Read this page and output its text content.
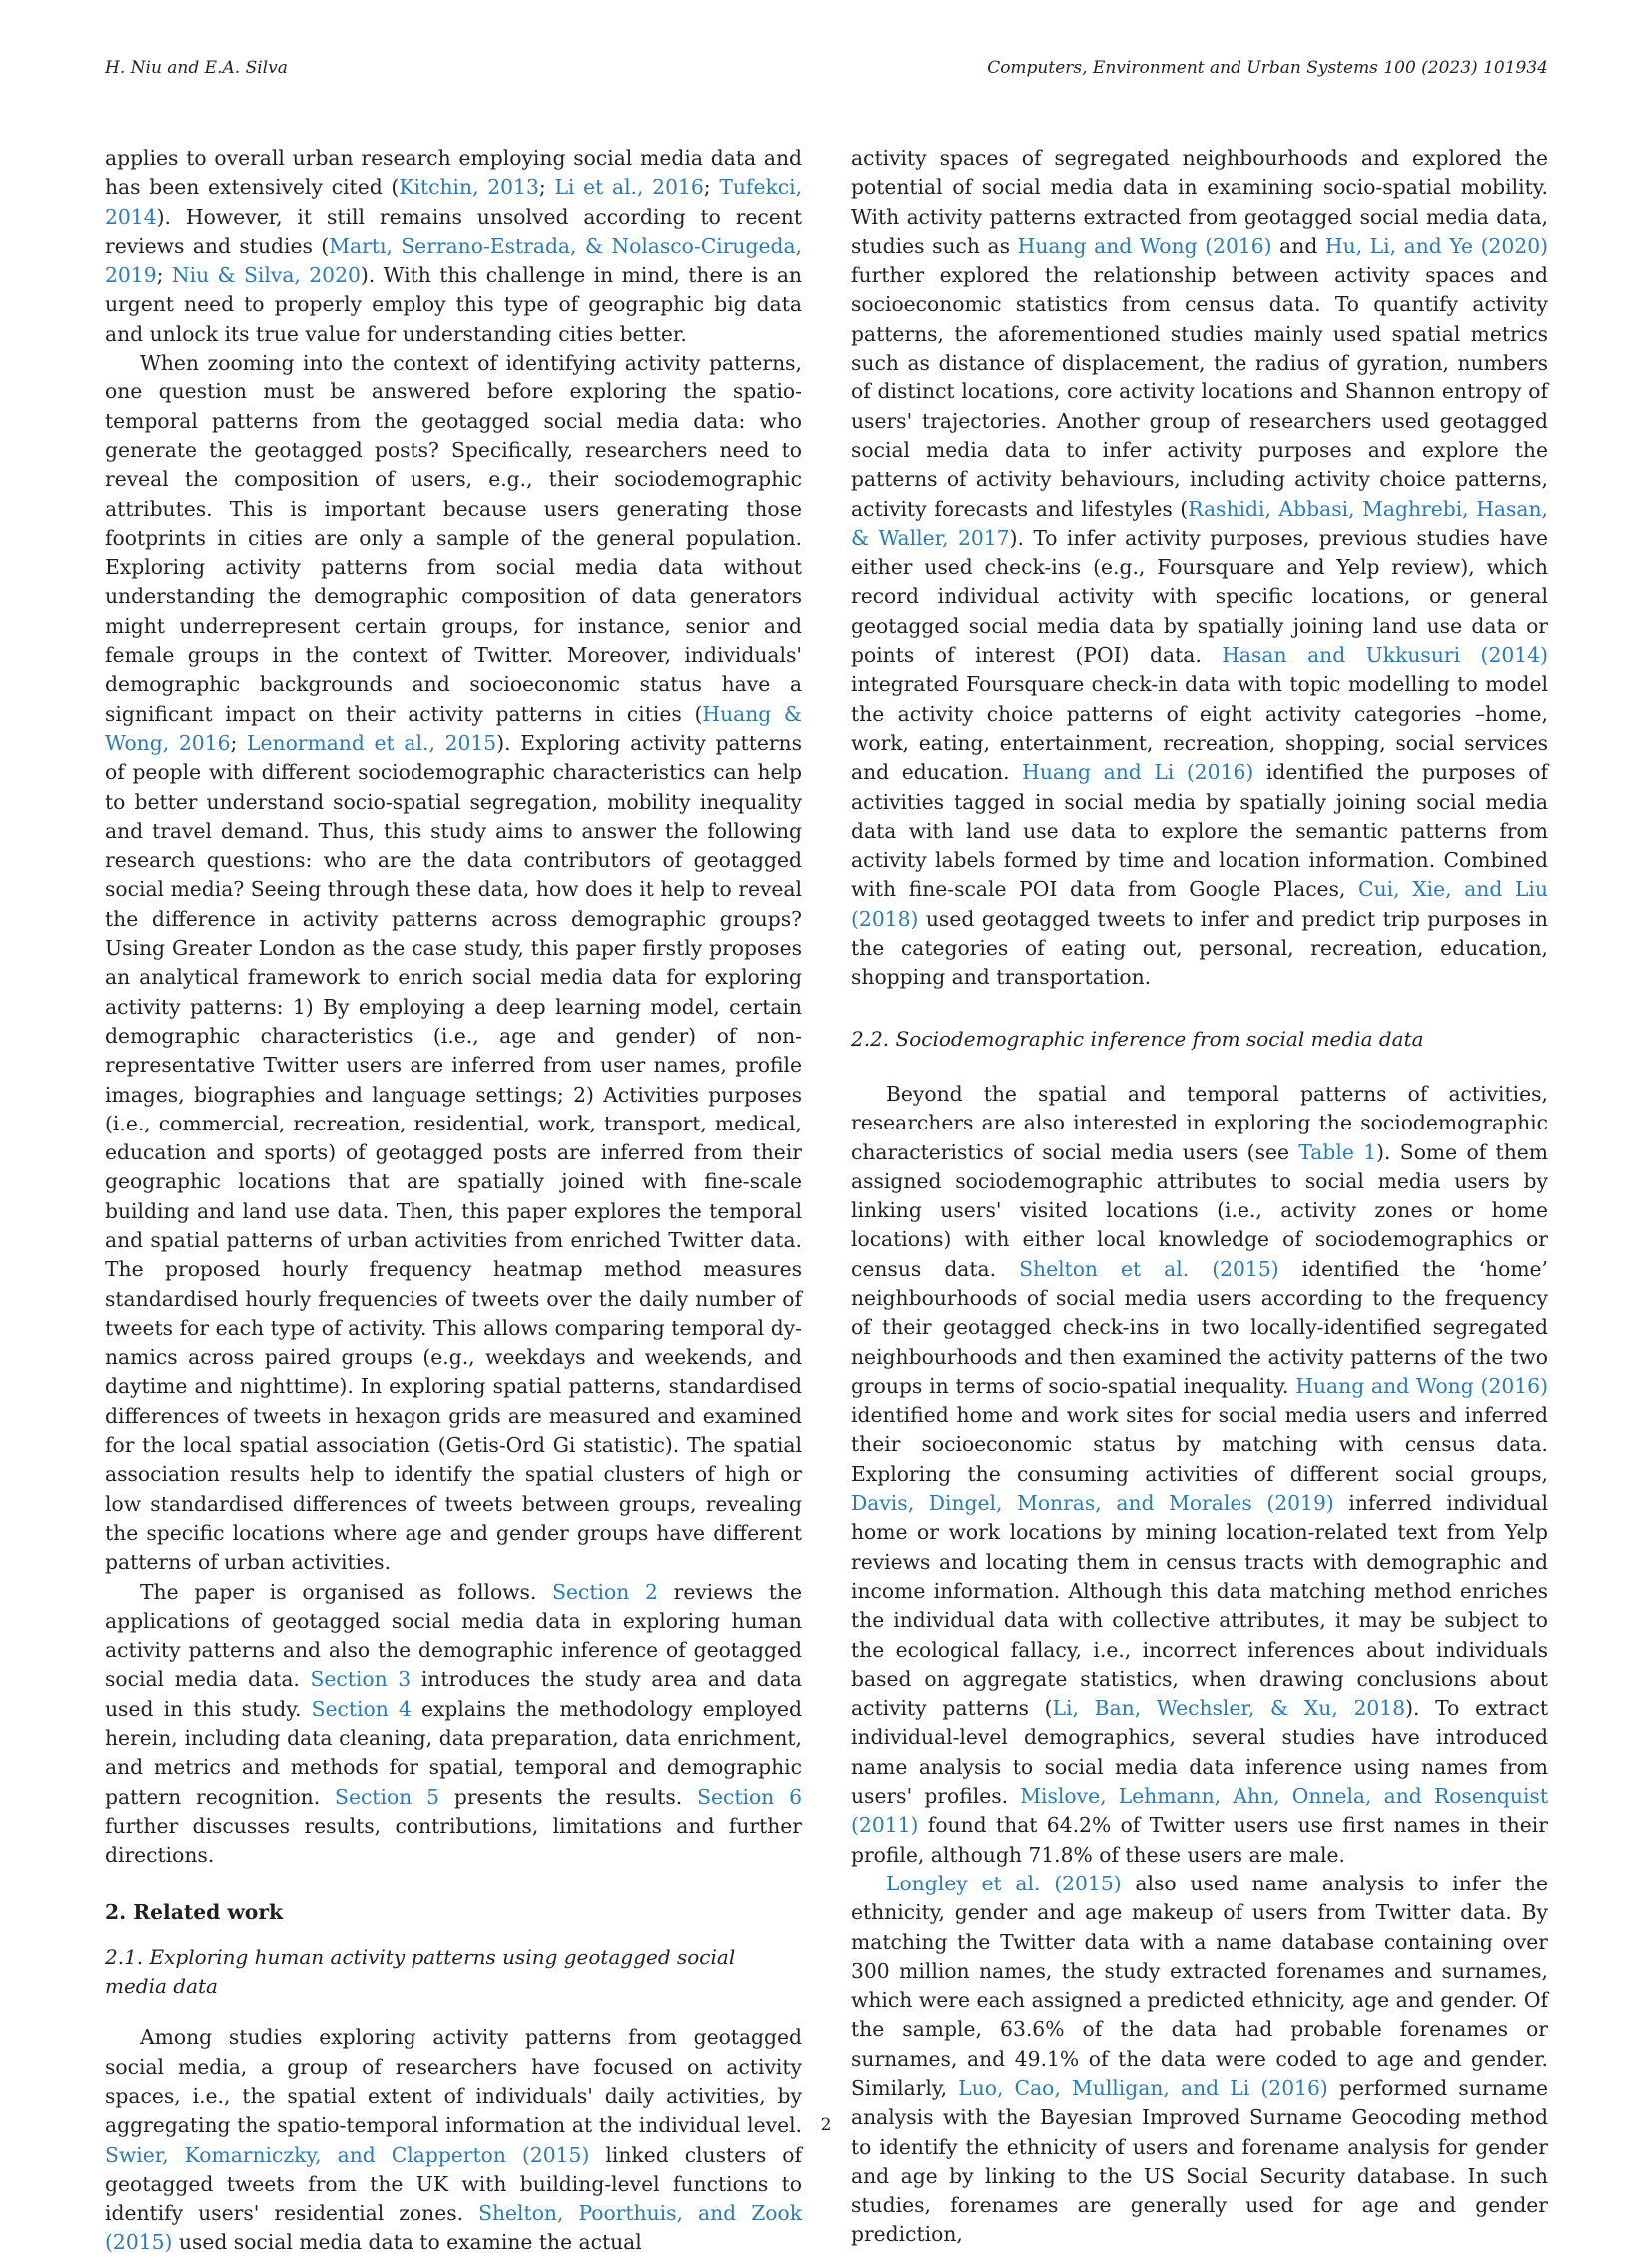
H. Niu and E.A. Silva	Computers, Environment and Urban Systems 100 (2023) 101934

applies to overall urban research employing social media data and has been extensively cited (Kitchin, 2013; Li et al., 2016; Tufekci, 2014). However, it still remains unsolved according to recent reviews and studies (Martı, Serrano-Estrada, & Nolasco-Cirugeda, 2019; Niu & Silva, 2020). With this challenge in mind, there is an urgent need to properly employ this type of geographic big data and unlock its true value for understanding cities better.

When zooming into the context of identifying activity patterns, one question must be answered before exploring the spatio-temporal patterns from the geotagged social media data: who generate the geotagged posts? Specifically, researchers need to reveal the composition of users, e.g., their sociodemographic attributes. This is important because users generating those footprints in cities are only a sample of the general population. Exploring activity patterns from social media data without understanding the demographic composition of data generators might underrepresent certain groups, for instance, senior and female groups in the context of Twitter. Moreover, individuals' demographic backgrounds and socioeconomic status have a significant impact on their activity patterns in cities (Huang & Wong, 2016; Lenormand et al., 2015). Exploring activity patterns of people with different sociodemographic characteristics can help to better understand socio-spatial segregation, mobility inequality and travel demand. Thus, this study aims to answer the following research questions: who are the data contributors of geotagged social media? Seeing through these data, how does it help to reveal the difference in activity patterns across demographic groups? Using Greater London as the case study, this paper firstly proposes an analytical framework to enrich social media data for exploring activity patterns: 1) By employing a deep learning model, certain demographic characteristics (i.e., age and gender) of non-representative Twitter users are inferred from user names, profile images, biographies and language settings; 2) Activities purposes (i.e., commercial, recreation, residential, work, transport, medical, education and sports) of geotagged posts are inferred from their geographic locations that are spatially joined with fine-scale building and land use data. Then, this paper explores the temporal and spatial patterns of urban activities from enriched Twitter data. The proposed hourly frequency heatmap method measures standardised hourly frequencies of tweets over the daily number of tweets for each type of activity. This allows comparing temporal dynamics across paired groups (e.g., weekdays and weekends, and daytime and nighttime). In exploring spatial patterns, standardised differences of tweets in hexagon grids are measured and examined for the local spatial association (Getis-Ord Gi statistic). The spatial association results help to identify the spatial clusters of high or low standardised differences of tweets between groups, revealing the specific locations where age and gender groups have different patterns of urban activities.

The paper is organised as follows. Section 2 reviews the applications of geotagged social media data in exploring human activity patterns and also the demographic inference of geotagged social media data. Section 3 introduces the study area and data used in this study. Section 4 explains the methodology employed herein, including data cleaning, data preparation, data enrichment, and metrics and methods for spatial, temporal and demographic pattern recognition. Section 5 presents the results. Section 6 further discusses results, contributions, limitations and further directions.

2. Related work
2.1. Exploring human activity patterns using geotagged social media data

Among studies exploring activity patterns from geotagged social media, a group of researchers have focused on activity spaces, i.e., the spatial extent of individuals' daily activities, by aggregating the spatio-temporal information at the individual level. Swier, Komarniczky, and Clapperton (2015) linked clusters of geotagged tweets from the UK with building-level functions to identify users' residential zones. Shelton, Poorthuis, and Zook (2015) used social media data to examine the actual

activity spaces of segregated neighbourhoods and explored the potential of social media data in examining socio-spatial mobility. With activity patterns extracted from geotagged social media data, studies such as Huang and Wong (2016) and Hu, Li, and Ye (2020) further explored the relationship between activity spaces and socioeconomic statistics from census data. To quantify activity patterns, the aforementioned studies mainly used spatial metrics such as distance of displacement, the radius of gyration, numbers of distinct locations, core activity locations and Shannon entropy of users' trajectories. Another group of researchers used geotagged social media data to infer activity purposes and explore the patterns of activity behaviours, including activity choice patterns, activity forecasts and lifestyles (Rashidi, Abbasi, Maghrebi, Hasan, & Waller, 2017). To infer activity purposes, previous studies have either used check-ins (e.g., Foursquare and Yelp review), which record individual activity with specific locations, or general geotagged social media data by spatially joining land use data or points of interest (POI) data. Hasan and Ukkusuri (2014) integrated Foursquare check-in data with topic modelling to model the activity choice patterns of eight activity categories –home, work, eating, entertainment, recreation, shopping, social services and education. Huang and Li (2016) identified the purposes of activities tagged in social media by spatially joining social media data with land use data to explore the semantic patterns from activity labels formed by time and location information. Combined with fine-scale POI data from Google Places, Cui, Xie, and Liu (2018) used geotagged tweets to infer and predict trip purposes in the categories of eating out, personal, recreation, education, shopping and transportation.

2.2. Sociodemographic inference from social media data

Beyond the spatial and temporal patterns of activities, researchers are also interested in exploring the sociodemographic characteristics of social media users (see Table 1). Some of them assigned sociodemographic attributes to social media users by linking users' visited locations (i.e., activity zones or home locations) with either local knowledge of sociodemographics or census data. Shelton et al. (2015) identified the ‘home’ neighbourhoods of social media users according to the frequency of their geotagged check-ins in two locally-identified segregated neighbourhoods and then examined the activity patterns of the two groups in terms of socio-spatial inequality. Huang and Wong (2016) identified home and work sites for social media users and inferred their socioeconomic status by matching with census data. Exploring the consuming activities of different social groups, Davis, Dingel, Monras, and Morales (2019) inferred individual home or work locations by mining location-related text from Yelp reviews and locating them in census tracts with demographic and income information. Although this data matching method enriches the individual data with collective attributes, it may be subject to the ecological fallacy, i.e., incorrect inferences about individuals based on aggregate statistics, when drawing conclusions about activity patterns (Li, Ban, Wechsler, & Xu, 2018). To extract individual-level demographics, several studies have introduced name analysis to social media data inference using names from users' profiles. Mislove, Lehmann, Ahn, Onnela, and Rosenquist (2011) found that 64.2% of Twitter users use first names in their profile, although 71.8% of these users are male.

Longley et al. (2015) also used name analysis to infer the ethnicity, gender and age makeup of users from Twitter data. By matching the Twitter data with a name database containing over 300 million names, the study extracted forenames and surnames, which were each assigned a predicted ethnicity, age and gender. Of the sample, 63.6% of the data had probable forenames or surnames, and 49.1% of the data were coded to age and gender. Similarly, Luo, Cao, Mulligan, and Li (2016) performed surname analysis with the Bayesian Improved Surname Geocoding method to identify the ethnicity of users and forename analysis for gender and age by linking to the US Social Security database. In such studies, forenames are generally used for age and gender prediction,

2
